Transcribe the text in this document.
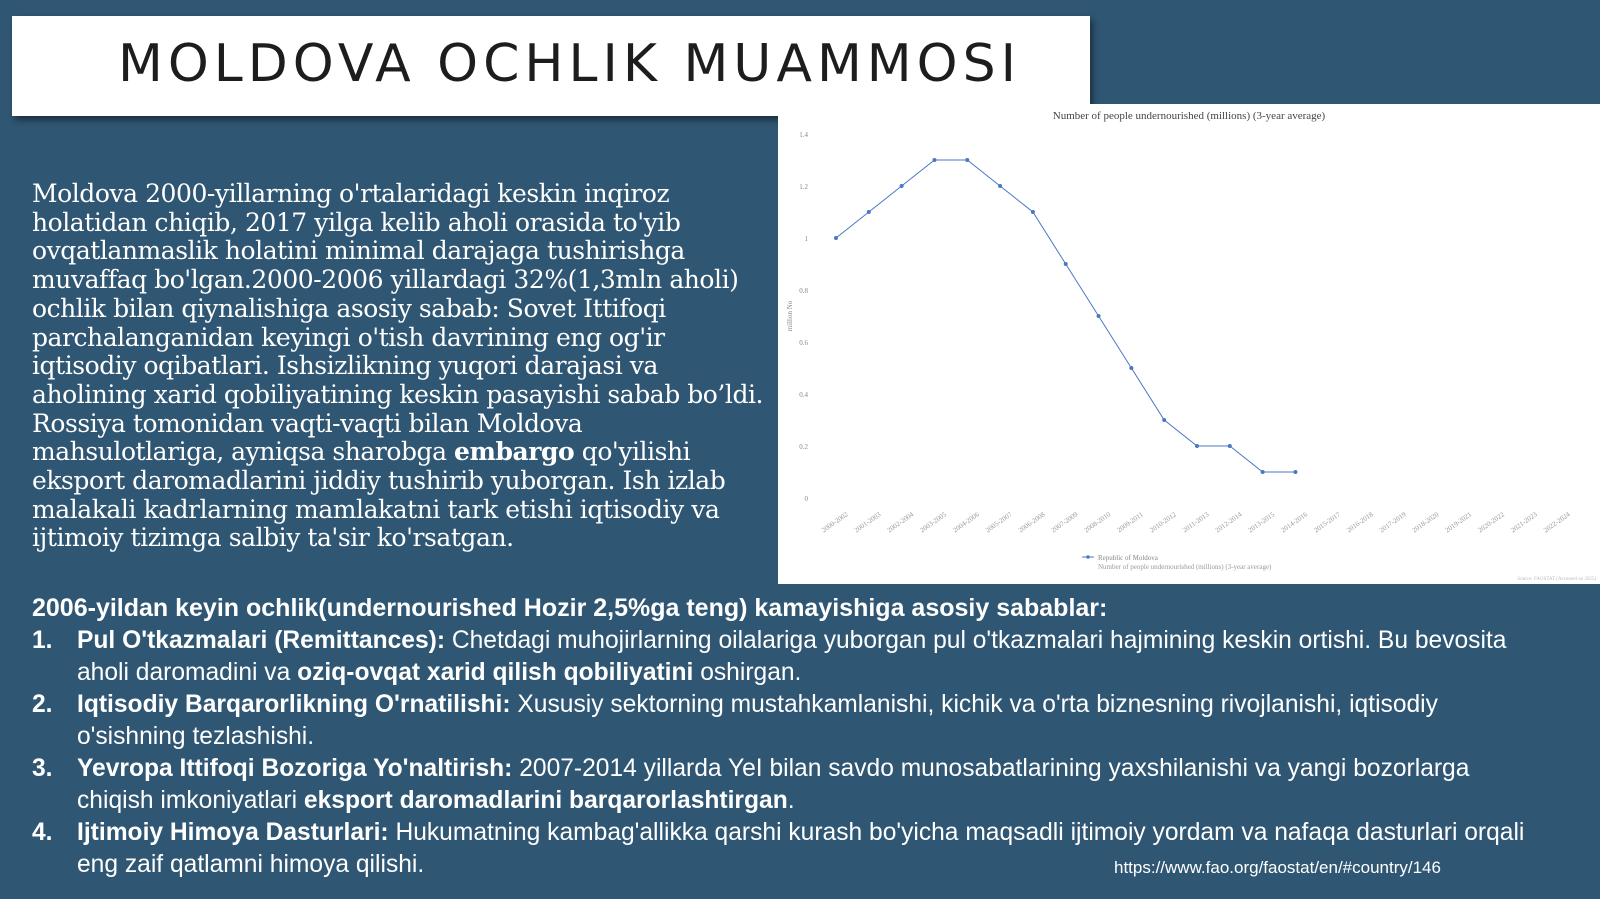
MOLDOVA OCHLIK MUAMMOSI

Moldova 2000-yillarning o'rtalaridagi keskin inqiroz holatidan chiqib, 2017 yilga kelib aholi orasida to'yib ovqatlanmaslik holatini minimal darajaga tushirishga muvaffaq bo'lgan.2000-2006 yillardagi 32%(1,3mln aholi) ochlik bilan qiynalishiga asosiy sabab: Sovet Ittifoqi parchalanganidan keyingi o'tish davrining eng og'ir iqtisodiy oqibatlari. Ishsizlikning yuqori darajasi va aholining xarid qobiliyatining keskin pasayishi sabab bo’ldi. Rossiya tomonidan vaqti-vaqti bilan Moldova mahsulotlariga, ayniqsa sharobga embargo qo'yilishi eksport daromadlarini jiddiy tushirib yuborgan. Ish izlab malakali kadrlarning mamlakatni tark etishi iqtisodiy va ijtimoiy tizimga salbiy ta'sir ko'rsatgan.

Number of people undernourished (millions) (3-year average)
million No
0
0.2
0.4
0.6
0.8
1
1.2
1.4
2000-2002 2001-2003 2002-2004 2003-2005 2004-2006 2005-2007 2006-2008 2007-2009 2008-2010 2009-2011 2010-2012 2011-2013 2012-2014 2013-2015 2014-2016 2015-2017 2016-2018 2017-2019 2018-2020 2019-2021 2020-2022 2021-2023 2022-2024
Republic of Moldova
Number of people undernourished (millions) (3-year average)
Source: FAOSTAT (Accessed on 2025)

2006-yildan keyin ochlik(undernourished Hozir 2,5%ga teng) kamayishiga asosiy sabablar:

1. Pul O'tkazmalari (Remittances): Chetdagi muhojirlarning oilalariga yuborgan pul o'tkazmalari hajmining keskin ortishi. Bu bevosita aholi daromadini va oziq-ovqat xarid qilish qobiliyatini oshirgan.
2. Iqtisodiy Barqarorlikning O'rnatilishi: Xususiy sektorning mustahkamlanishi, kichik va o'rta biznesning rivojlanishi, iqtisodiy o'sishning tezlashishi.
3. Yevropa Ittifoqi Bozoriga Yo'naltirish: 2007-2014 yillarda YeI bilan savdo munosabatlarining yaxshilanishi va yangi bozorlarga chiqish imkoniyatlari eksport daromadlarini barqarorlashtirgan.
4. Ijtimoiy Himoya Dasturlari: Hukumatning kambag'allikka qarshi kurash bo'yicha maqsadli ijtimoiy yordam va nafaqa dasturlari orqali eng zaif qatlamni himoya qilishi.	https://www.fao.org/faostat/en/#country/146
